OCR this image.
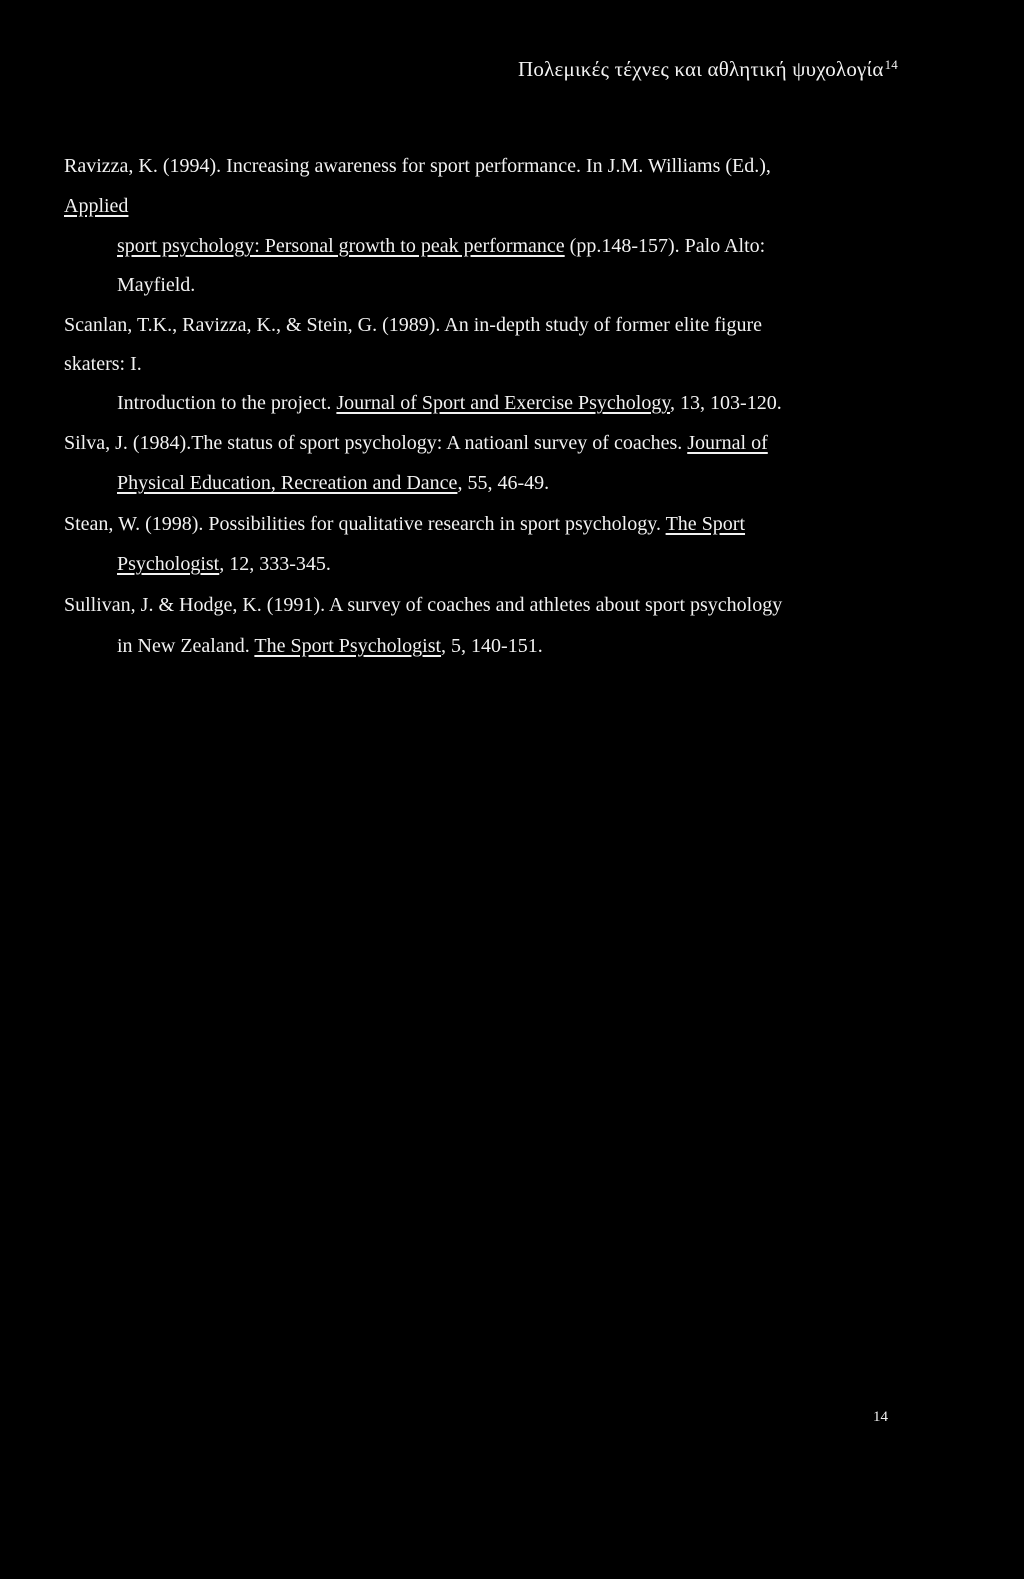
Πολεμικές τέχνες και αθλητική ψυχολογία$^{14}$
Ravizza, K. (1994). Increasing awareness for sport performance. In J.M. Williams (Ed.),
Applied
sport psychology: Personal growth to peak performance (pp.148-157). Palo Alto:
Mayfield.
Scanlan, T.K., Ravizza, K., & Stein, G. (1989). An in-depth study of former elite figure
skaters: I.
Introduction to the project. Journal of Sport and Exercise Psychology, 13, 103-120.
Silva, J. (1984).The status of sport psychology: A natioanl survey of coaches. Journal of
Physical Education, Recreation and Dance, 55, 46-49.
Stean, W. (1998). Possibilities for qualitative research in sport psychology. The Sport
Psychologist, 12, 333-345.
Sullivan, J. & Hodge, K. (1991). A survey of coaches and athletes about sport psychology
in New Zealand. The Sport Psychologist, 5, 140-151.
14
